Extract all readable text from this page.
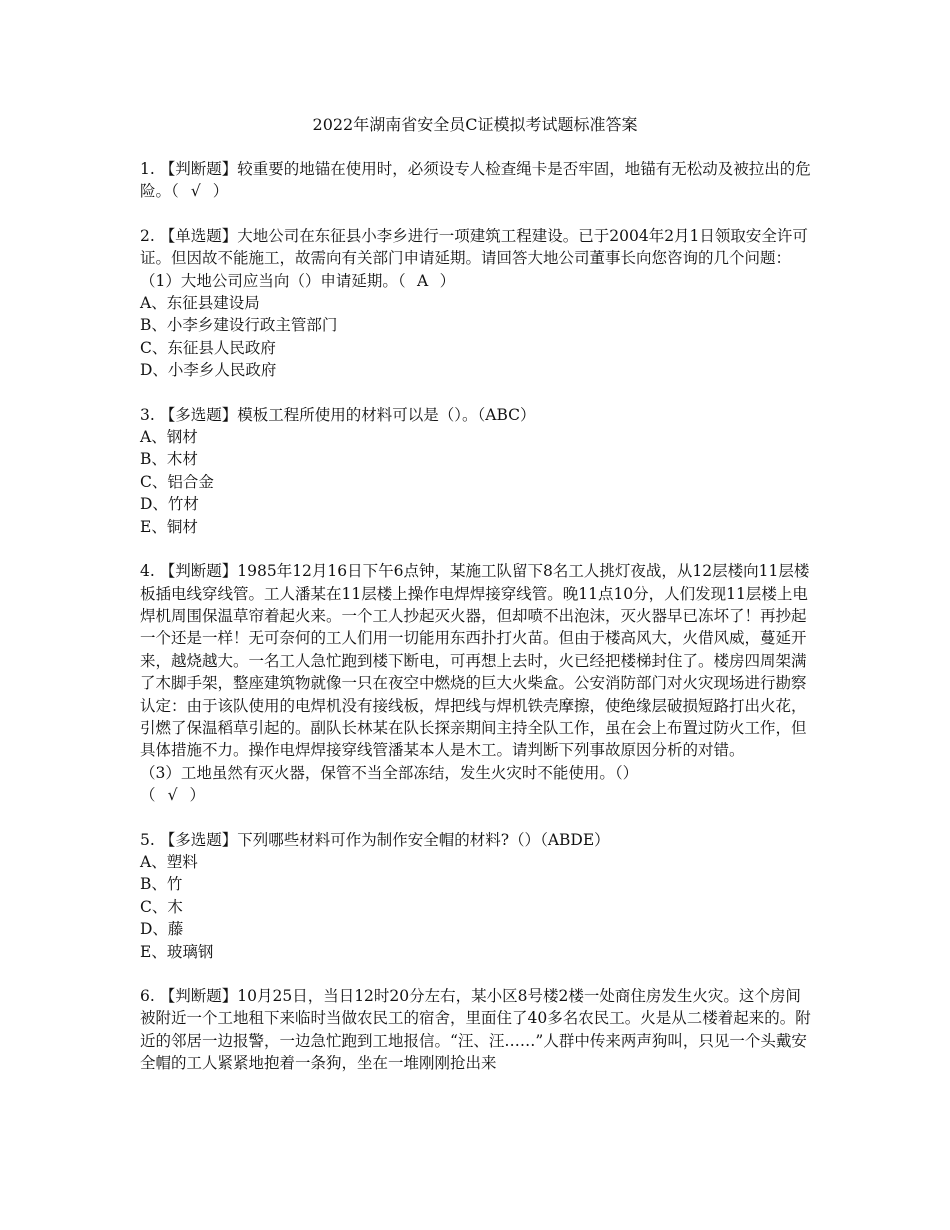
2022年湖南省安全员C证模拟考试题标准答案
1. 【判断题】较重要的地锚在使用时，必须设专人检查绳卡是否牢固，地锚有无松动及被拉出的危险。（ √ ）
2. 【单选题】大地公司在东征县小李乡进行一项建筑工程建设。已于2004年2月1日领取安全许可证。但因故不能施工，故需向有关部门申请延期。请回答大地公司董事长向您咨询的几个问题：
（1）大地公司应当向（）申请延期。（ A ）
A、东征县建设局
B、小李乡建设行政主管部门
C、东征县人民政府
D、小李乡人民政府
3. 【多选题】模板工程所使用的材料可以是（）。（ABC）
A、钢材
B、木材
C、铝合金
D、竹材
E、铜材
4. 【判断题】1985年12月16日下午6点钟，某施工队留下8名工人挑灯夜战，从12层楼向11层楼板插电线穿线管。工人潘某在11层楼上操作电焊焊接穿线管。晚11点10分，人们发现11层楼上电焊机周围保温草帘着起火来。一个工人抄起灭火器，但却喷不出泡沫，灭火器早已冻坏了！再抄起一个还是一样！无可奈何的工人们用一切能用东西扑打火苗。但由于楼高风大，火借风威，蔓延开来，越烧越大。一名工人急忙跑到楼下断电，可再想上去时，火已经把楼梯封住了。楼房四周架满了木脚手架，整座建筑物就像一只在夜空中燃烧的巨大火柴盒。公安消防部门对火灾现场进行勘察认定：由于该队使用的电焊机没有接线板，焊把线与焊机铁壳摩擦，使绝缘层破损短路打出火花，引燃了保温稻草引起的。副队长林某在队长探亲期间主持全队工作，虽在会上布置过防火工作，但具体措施不力。操作电焊焊接穿线管潘某本人是木工。请判断下列事故原因分析的对错。
（3）工地虽然有灭火器，保管不当全部冻结，发生火灾时不能使用。（）
（ √ ）
5. 【多选题】下列哪些材料可作为制作安全帽的材料?（）（ABDE）
A、塑料
B、竹
C、木
D、藤
E、玻璃钢
6. 【判断题】10月25日，当日12时20分左右，某小区8号楼2楼一处商住房发生火灾。这个房间被附近一个工地租下来临时当做农民工的宿舍，里面住了40多名农民工。火是从二楼着起来的。附近的邻居一边报警，一边急忙跑到工地报信。“汪、汪……”人群中传来两声狗叫，只见一个头戴安全帽的工人紧紧地抱着一条狗，坐在一堆刚刚抢出来
